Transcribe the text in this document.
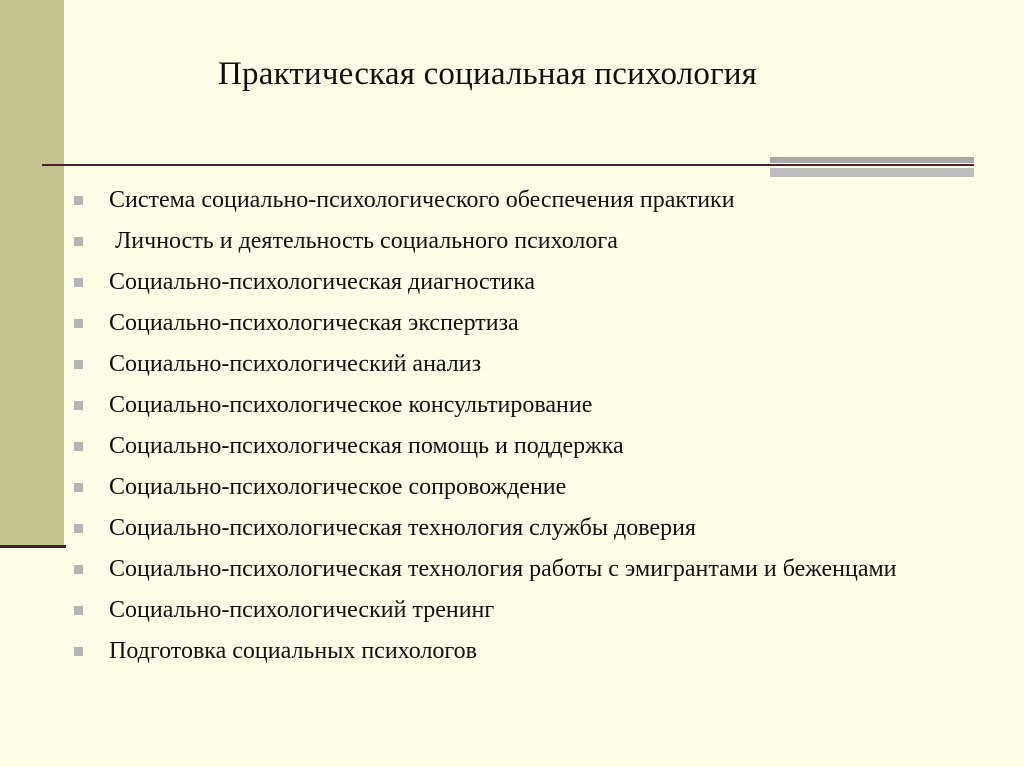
Практическая социальная психология
Система социально-психологического обеспечения практики
Личность и деятельность социального психолога
Социально-психологическая диагностика
Социально-психологическая экспертиза
Социально-психологический анализ
Социально-психологическое консультирование
Социально-психологическая помощь и поддержка
Социально-психологическое сопровождение
Социально-психологическая технология службы доверия
Социально-психологическая технология работы с эмигрантами и беженцами
Социально-психологический тренинг
Подготовка социальных психологов
